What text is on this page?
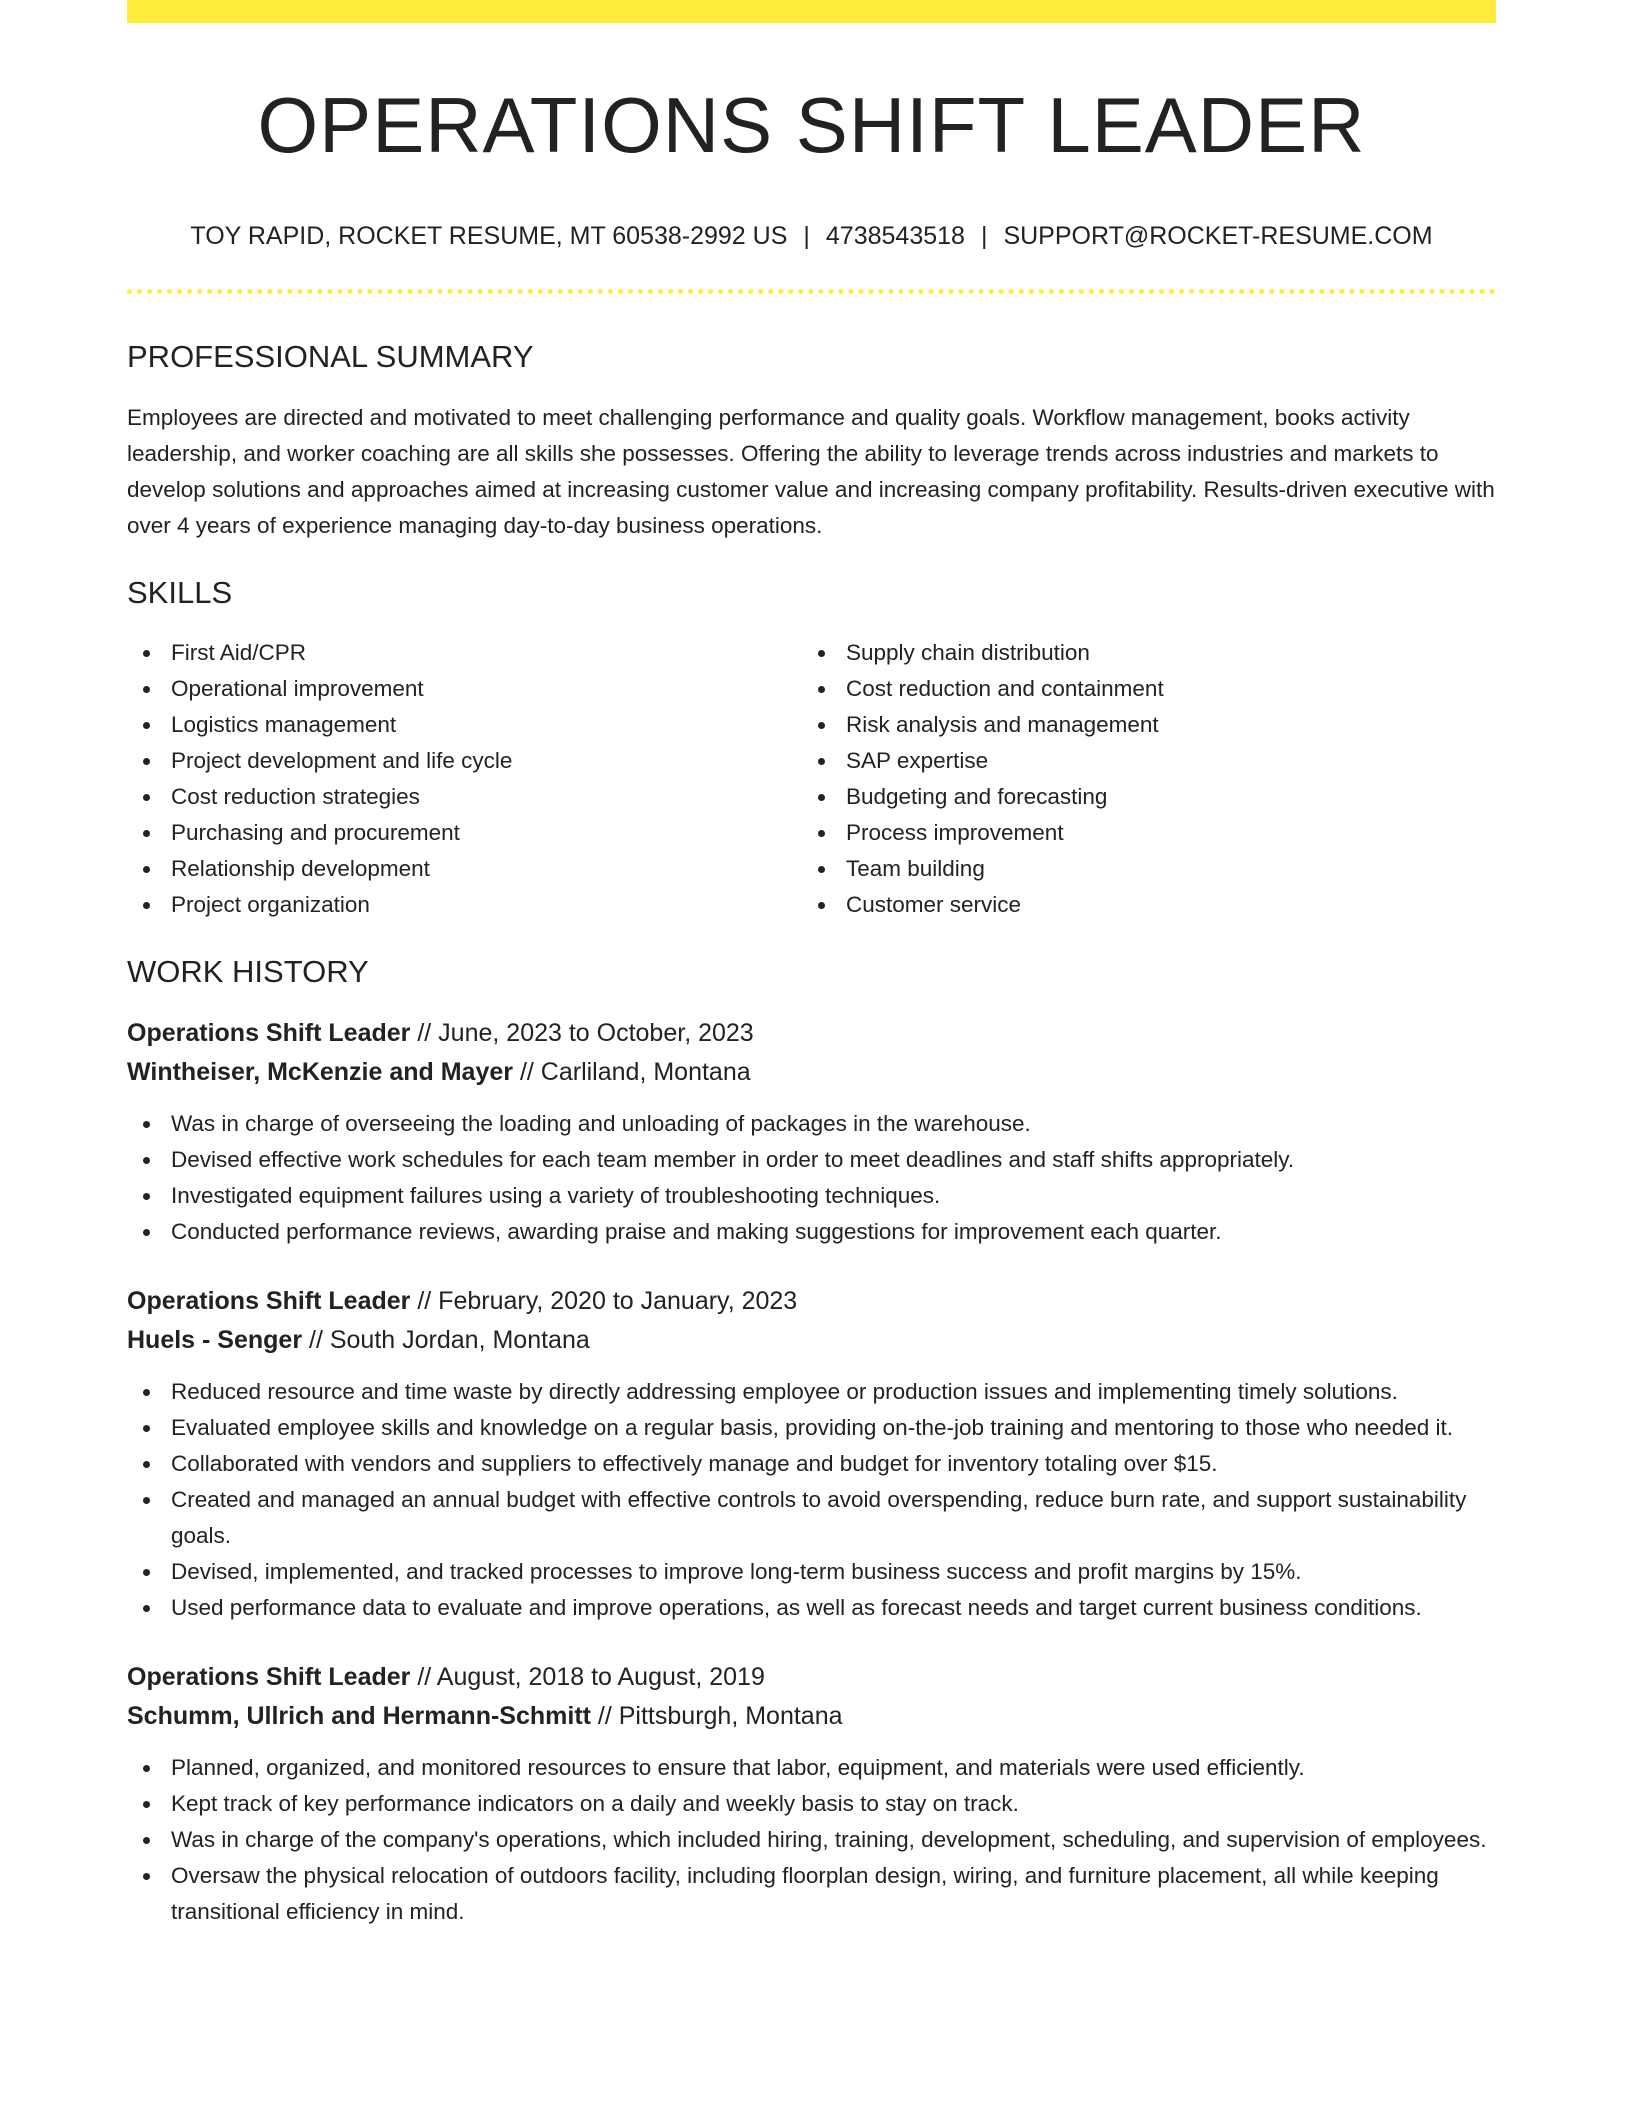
OPERATIONS SHIFT LEADER
TOY RAPID, ROCKET RESUME, MT 60538-2992 US | 4738543518 | SUPPORT@ROCKET-RESUME.COM
PROFESSIONAL SUMMARY

Employees are directed and motivated to meet challenging performance and quality goals. Workflow management, books activity leadership, and worker coaching are all skills she possesses. Offering the ability to leverage trends across industries and markets to develop solutions and approaches aimed at increasing customer value and increasing company profitability. Results-driven executive with over 4 years of experience managing day-to-day business operations.

SKILLS
First Aid/CPR
Operational improvement
Logistics management
Project development and life cycle
Cost reduction strategies
Purchasing and procurement
Relationship development
Project organization
Supply chain distribution
Cost reduction and containment
Risk analysis and management
SAP expertise
Budgeting and forecasting
Process improvement
Team building
Customer service
WORK HISTORY
Operations Shift Leader // June, 2023 to October, 2023
Wintheiser, McKenzie and Mayer // Carliland, Montana
Was in charge of overseeing the loading and unloading of packages in the warehouse.
Devised effective work schedules for each team member in order to meet deadlines and staff shifts appropriately.
Investigated equipment failures using a variety of troubleshooting techniques.
Conducted performance reviews, awarding praise and making suggestions for improvement each quarter.
Operations Shift Leader // February, 2020 to January, 2023
Huels - Senger // South Jordan, Montana
Reduced resource and time waste by directly addressing employee or production issues and implementing timely solutions.
Evaluated employee skills and knowledge on a regular basis, providing on-the-job training and mentoring to those who needed it.
Collaborated with vendors and suppliers to effectively manage and budget for inventory totaling over $15.
Created and managed an annual budget with effective controls to avoid overspending, reduce burn rate, and support sustainability goals.
Devised, implemented, and tracked processes to improve long-term business success and profit margins by 15%.
Used performance data to evaluate and improve operations, as well as forecast needs and target current business conditions.
Operations Shift Leader // August, 2018 to August, 2019
Schumm, Ullrich and Hermann-Schmitt // Pittsburgh, Montana
Planned, organized, and monitored resources to ensure that labor, equipment, and materials were used efficiently.
Kept track of key performance indicators on a daily and weekly basis to stay on track.
Was in charge of the company's operations, which included hiring, training, development, scheduling, and supervision of employees.
Oversaw the physical relocation of outdoors facility, including floorplan design, wiring, and furniture placement, all while keeping transitional efficiency in mind.
